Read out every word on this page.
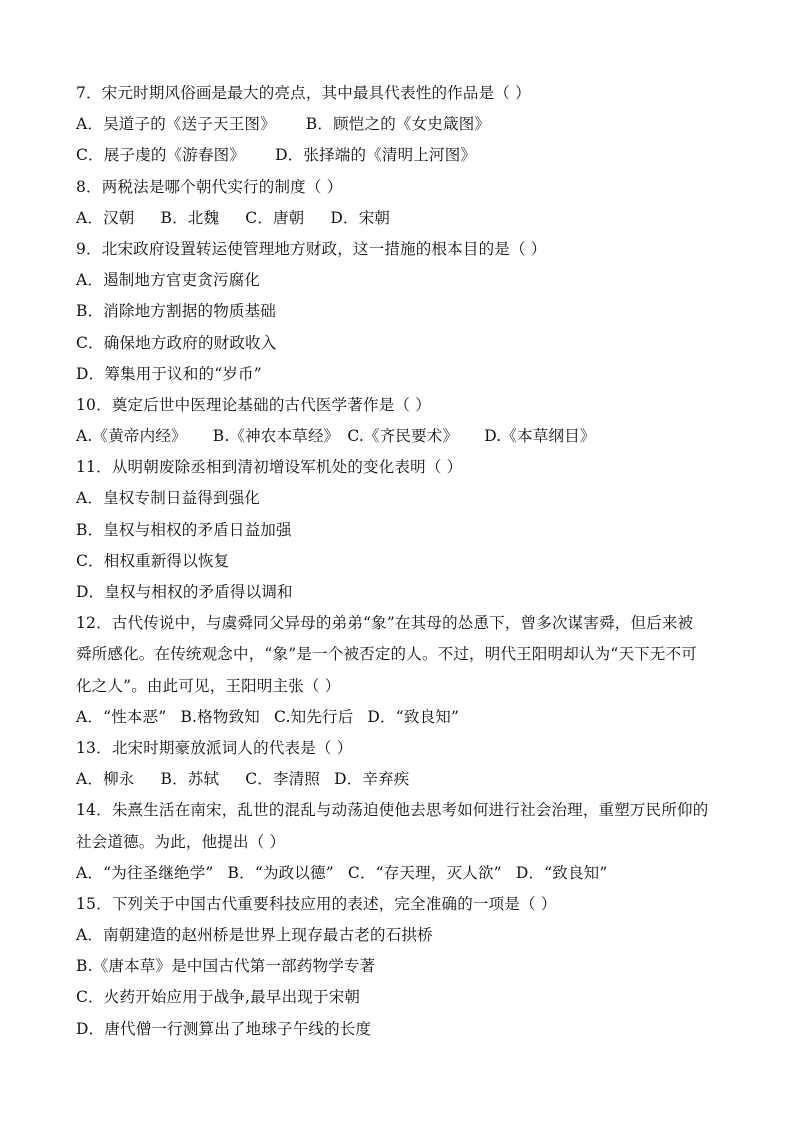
7．宋元时期风俗画是最大的亮点，其中最具代表性的作品是（ ）
A．吴道子的《送子天王图》 B．顾恺之的《女史箴图》
C．展子虔的《游春图》 D．张择端的《清明上河图》
8．两税法是哪个朝代实行的制度（ ）
A．汉朝 B．北魏 C．唐朝 D．宋朝
9．北宋政府设置转运使管理地方财政，这一措施的根本目的是（ ）
A．遏制地方官吏贪污腐化
B．消除地方割据的物质基础
C．确保地方政府的财政收入
D．筹集用于议和的“岁币”
10．奠定后世中医理论基础的古代医学著作是（ ）
A.《黄帝内经》 B.《神农本草经》 C.《齐民要术》 D.《本草纲目》
11．从明朝废除丞相到清初增设军机处的变化表明（ ）
A．皇权专制日益得到强化
B．皇权与相权的矛盾日益加强
C．相权重新得以恢复
D．皇权与相权的矛盾得以调和
12．古代传说中，与虞舜同父异母的弟弟“象”在其母的怂恿下，曾多次谋害舜，但后来被
舜所感化。在传统观念中，“象”是一个被否定的人。不过，明代王阳明却认为“天下无不可
化之人”。由此可见，王阳明主张（ ）
A．“性本恶” B.格物致知 C.知先行后 D．“致良知”
13．北宋时期豪放派词人的代表是（ ）
A．柳永 B．苏轼 C．李清照 D．辛弃疾
14．朱熹生活在南宋，乱世的混乱与动荡迫使他去思考如何进行社会治理，重塑万民所仰的
社会道德。为此，他提出（ ）
A．“为往圣继绝学” B．“为政以德” C．“存天理，灭人欲” D．“致良知”
15．下列关于中国古代重要科技应用的表述，完全准确的一项是（ ）
A．南朝建造的赵州桥是世界上现存最古老的石拱桥
B.《唐本草》是中国古代第一部药物学专著
C．火药开始应用于战争,最早出现于宋朝
D．唐代僧一行测算出了地球子午线的长度
